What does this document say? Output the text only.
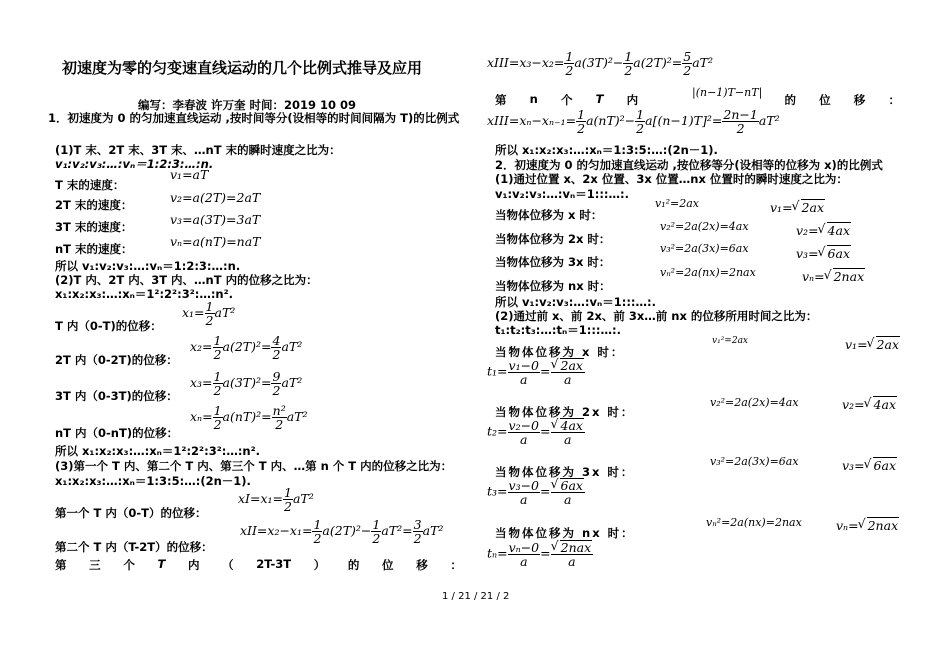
初速度为零的匀变速直线运动的几个比例式推导及应用
编写：李春波 许万奎 时间：2019 10 09
1．初速度为 0 的匀加速直线运动 ,按时间等分(设相等的时间间隔为 T)的比例式
(1)T 末、2T 末、3T 末、…nT 末的瞬时速度之比为：
v₁:v₂:v₃:…:vₙ＝1:2:3:…:n.
T 末的速度：
v₁=aT
2T 末的速度：	v₂=a(2T)=2aT
3T 末的速度：	v₃=a(3T)=3aT
nT 末的速度：	vₙ=a(nT)=naT
所以 v₁:v₂:v₃:…:vₙ＝1:2:3:…:n.
(2)T 内、2T 内、3T 内、…nT 内的位移之比为：
x₁:x₂:x₃:…:xₙ＝1²:2²:3²:…:n².
$x_1= \frac{1}{2} aT^2$
T 内（0-T)的位移：
$x_2= \frac{1}{2} a(2T)^2= \frac{4}{2} aT^2$
2T 内（0-2T)的位移：
$x_3= \frac{1}{2} a(3T)^2= \frac{9}{2} aT^2$
3T 内（0-3T)的位移：
$x_n= \frac{1}{2} a(nT)^2= \frac{\text{n²}}{2} aT^2$
nT 内（0-nT)的位移：
所以 x₁:x₂:x₃:…:xₙ＝1²:2²:3²:…:n².
(3)第一个 T 内、第二个 T 内、第三个 T 内、…第 n 个 T 内的位移之比为：
x₁:x₂:x₃:…:xₙ＝1:3:5:…:(2n－1).
$xI=x_1= \frac{1}{2} aT^2$
第一个 T 内（0-T）的位移：
$xII=x_2-x_1= \frac{1}{2} a(2T)^2- \frac{1}{2} aT^2= \frac{3}{2} aT^2$
第二个 T 内（T-2T）的位移：
第 三 个 T 内 （ 2T-3T ） 的 位 移 ：
xIII=x₃−x₂= $\frac{1}{2} a(3T)^2- \frac{1}{2} a(2T)^2= \frac{5}{2} aT^2$
第 n 个 T 内	的 位 移 ：
|(n−1)T−nT|
xIII=xₙ−xₙ₋₁= $\frac{1}{2} a(nT)^2- \frac{1}{2} a[(n-1)T]^2= \frac{2n-1}{2} aT^2$
所以 x₁:x₂:x₃:…:xₙ＝1:3:5:…:(2n－1).
2．初速度为 0 的匀加速直线运动 ,按位移等分(设相等的位移为 x)的比例式
(1)通过位置 x、2x 位置、3x 位置…nx 位置时的瞬时速度之比为：
v₁:v₂:v₃:…:vₙ＝1:::…:.
当物体位移为 x 时：
v₁²=2ax	v₁= √ 2ax
当物体位移为 2x 时：
v₂²=2a(2x)=4ax	v₂= √ 4ax
当物体位移为 3x 时：
v₃²=2a(3x)=6ax	v₃= √ 6ax
当物体位移为 nx 时：
vₙ²=2a(nx)=2nax	vₙ= √ 2nax
所以 v₁:v₂:v₃:…:vₙ＝1:::…:.
(2)通过前 x、前 2x、前 3x…前 nx 的位移所用时间之比为：
t₁:t₂:t₃:…:tₙ＝1:::…:.
当物体位移为 x 时：
v₁²=2ax	v₁= √ 2ax
$t_1= \frac{\text{v₁−0}}{a}$ = √ $\frac{2ax}{a}$
当物体位移为 2x 时：
v₂²=2a(2x)=4ax	v₂= √ 4ax
$t_2= \frac{\text{v₂−0}}{a}$ = √ $\frac{4ax}{a}$
当物体位移为 3x 时：
v₃²=2a(3x)=6ax	v₃= √ 6ax
$t_3= \frac{\text{v₃−0}}{a}$ = √ $\frac{6ax}{a}$
当物体位移为 nx 时：
vₙ²=2a(nx)=2nax	vₙ= √ 2nax
$t_n= \frac{\text{vₙ−0}}{a}$ = √ $\frac{\text{2nax}}{a}$
1 / 21 / 21 / 2
